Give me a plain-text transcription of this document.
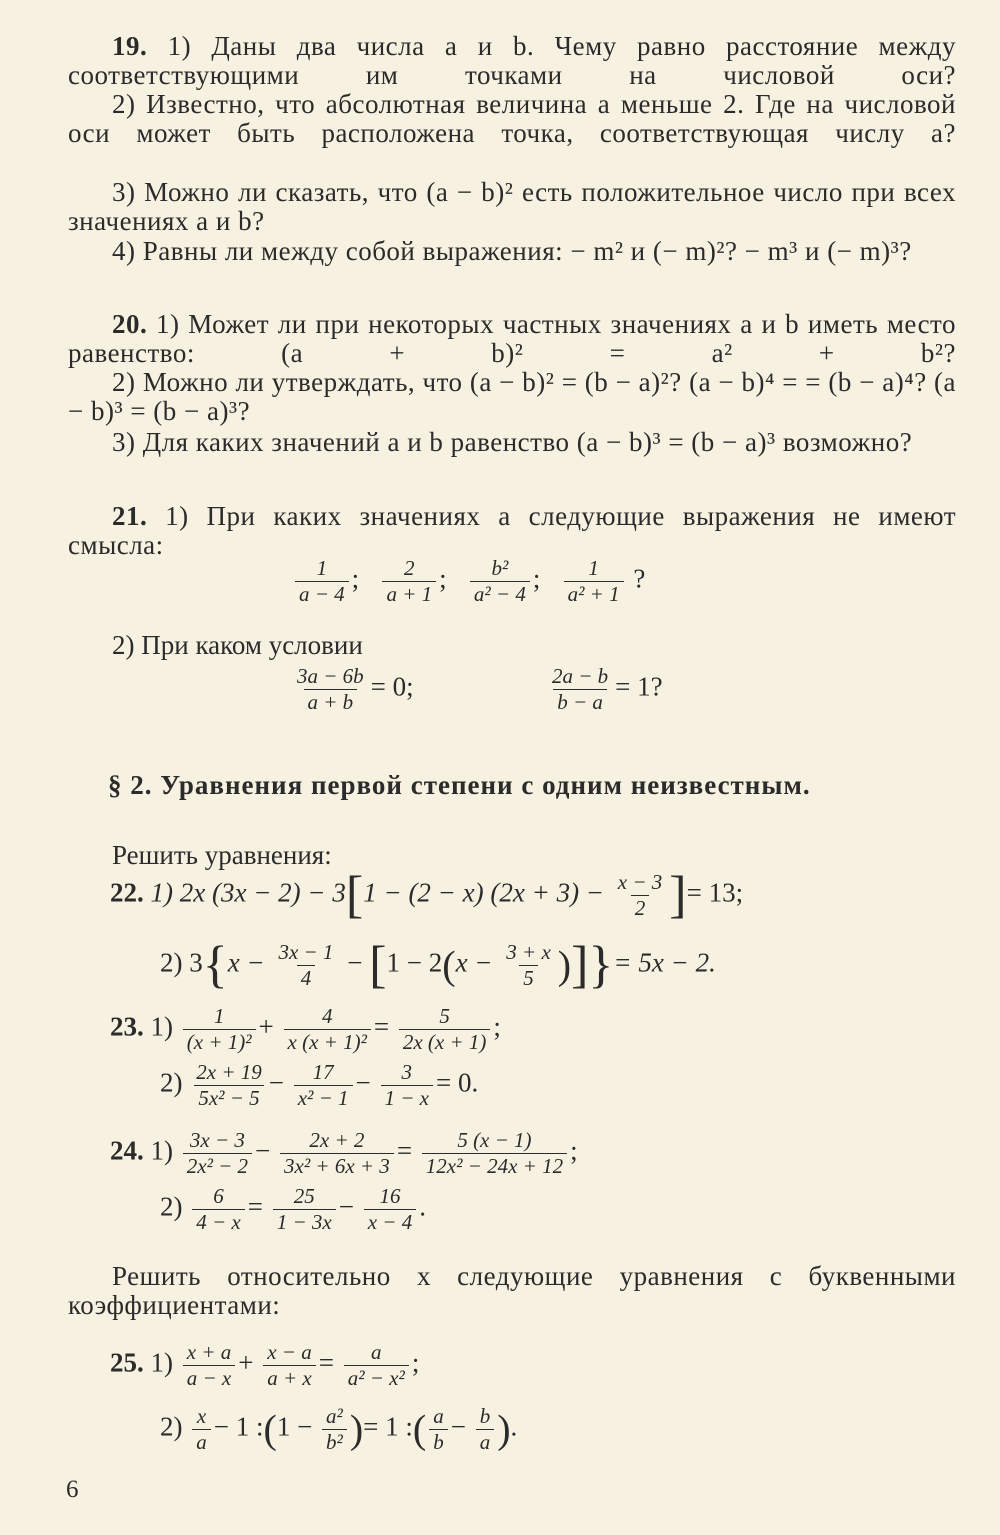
19. 1) Даны два числа a и b. Чему равно расстояние между соответствующими им точками на числовой оси?

2) Известно, что абсолютная величина a меньше 2. Где на числовой оси может быть расположена точка, соответствующая числу a?

3) Можно ли сказать, что (a − b)² есть положительное число при всех значениях a и b?

4) Равны ли между собой выражения: − m² и (− m)²? − m³ и (− m)³?

20. 1) Может ли при некоторых частных значениях a и b иметь место равенство: (a + b)² = a² + b²?

2) Можно ли утверждать, что (a − b)² = (b − a)²? (a − b)⁴ = = (b − a)⁴? (a − b)³ = (b − a)³?

3) Для каких значений a и b равенство (a − b)³ = (b − a)³ возможно?

21. 1) При каких значениях a следующие выражения не имеют смысла:

$\frac{1}{a - 4}$ ; $\frac{2}{a + 1}$ ; $\frac{\text{b²}}{\text{a² − 4}}$ ; $\frac{1}{\text{a² + 1}}$ ?
2) При каком условии
$\frac{3a - 6b}{a + b} = 0$;	$\frac{2a - b}{b - a} = 1$?
§ 2. Уравнения первой степени с одним неизвестным.
Решить уравнения:
22. 1) 2x (3x − 2) − 3[1 − (2 − x) $(2x + 3) - \frac{x - 3}{2}$ ]= 13;
2) $3\{x - \frac{3x - 1}{4} - [1 - 2(x - \frac{3 + x}{5}$ )]}= 5x − 2.
23. $1) \frac{1}{\text{(x + 1)²}} + \frac{4}{\text{x (x + 1)²}} = \frac{5}{2x (x + 1)}$ ;
$2) \frac{2x + 19}{\text{5x² − 5}} - \frac{17}{\text{x² − 1}} - \frac{3}{1 - x} = 0$.
24. $1) \frac{3x - 3}{\text{2x² − 2}} - \frac{2x + 2}{\text{3x² + 6x + 3}} = \frac{5 (x - 1)}{\text{12x² − 24x + 12}}$ ;
$2) \frac{6}{4 - x} = \frac{25}{1 - 3x} - \frac{16}{x - 4}$ .

Решить относительно x следующие уравнения с буквенными коэффициентами:

25. $1) \frac{x + a}{a - x} + \frac{x - a}{a + x} = \frac{a}{\text{a² − x²}}$ ;
$2) \frac{x}{a} - 1$ :(1 − $\frac{\text{a²}}{\text{b²}}$ )= 1 :( $\frac{a}{b} - \frac{b}{a}$ ).
6
